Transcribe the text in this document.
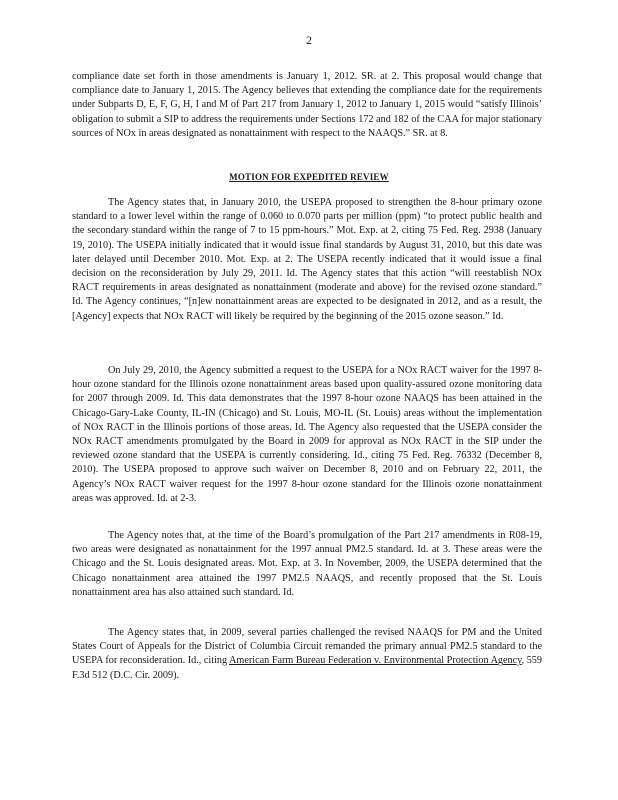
2

compliance date set forth in those amendments is January 1, 2012. SR. at 2. This proposal would change that compliance date to January 1, 2015. The Agency believes that extending the compliance date for the requirements under Subparts D, E, F, G, H, I and M of Part 217 from January 1, 2012 to January 1, 2015 would “satisfy Illinois’ obligation to submit a SIP to address the requirements under Sections 172 and 182 of the CAA for major stationary sources of NOx in areas designated as nonattainment with respect to the NAAQS.” SR. at 8.

MOTION FOR EXPEDITED REVIEW

The Agency states that, in January 2010, the USEPA proposed to strengthen the 8-hour primary ozone standard to a lower level within the range of 0.060 to 0.070 parts per million (ppm) “to protect public health and the secondary standard within the range of 7 to 15 ppm-hours.” Mot. Exp. at 2, citing 75 Fed. Reg. 2938 (January 19, 2010). The USEPA initially indicated that it would issue final standards by August 31, 2010, but this date was later delayed until December 2010. Mot. Exp. at 2. The USEPA recently indicated that it would issue a final decision on the reconsideration by July 29, 2011. Id. The Agency states that this action “will reestablish NOx RACT requirements in areas designated as nonattainment (moderate and above) for the revised ozone standard.” Id. The Agency continues, “[n]ew nonattainment areas are expected to be designated in 2012, and as a result, the [Agency] expects that NOx RACT will likely be required by the beginning of the 2015 ozone season.” Id.

On July 29, 2010, the Agency submitted a request to the USEPA for a NOx RACT waiver for the 1997 8-hour ozone standard for the Illinois ozone nonattainment areas based upon quality-assured ozone monitoring data for 2007 through 2009. Id. This data demonstrates that the 1997 8-hour ozone NAAQS has been attained in the Chicago-Gary-Lake County, IL-IN (Chicago) and St. Louis, MO-IL (St. Louis) areas without the implementation of NOx RACT in the Illinois portions of those areas. Id. The Agency also requested that the USEPA consider the NOx RACT amendments promulgated by the Board in 2009 for approval as NOx RACT in the SIP under the reviewed ozone standard that the USEPA is currently considering. Id., citing 75 Fed. Reg. 76332 (December 8, 2010). The USEPA proposed to approve such waiver on December 8, 2010 and on February 22, 2011, the Agency’s NOx RACT waiver request for the 1997 8-hour ozone standard for the Illinois ozone nonattainment areas was approved. Id. at 2-3.

The Agency notes that, at the time of the Board’s promulgation of the Part 217 amendments in R08-19, two areas were designated as nonattainment for the 1997 annual PM2.5 standard. Id. at 3. These areas were the Chicago and the St. Louis designated areas. Mot. Exp. at 3. In November, 2009, the USEPA determined that the Chicago nonattainment area attained the 1997 PM2.5 NAAQS, and recently proposed that the St. Louis nonattainment area has also attained such standard. Id.

The Agency states that, in 2009, several parties challenged the revised NAAQS for PM and the United States Court of Appeals for the District of Columbia Circuit remanded the primary annual PM2.5 standard to the USEPA for reconsideration. Id., citing American Farm Bureau Federation v. Environmental Protection Agency, 559 F.3d 512 (D.C. Cir. 2009).
